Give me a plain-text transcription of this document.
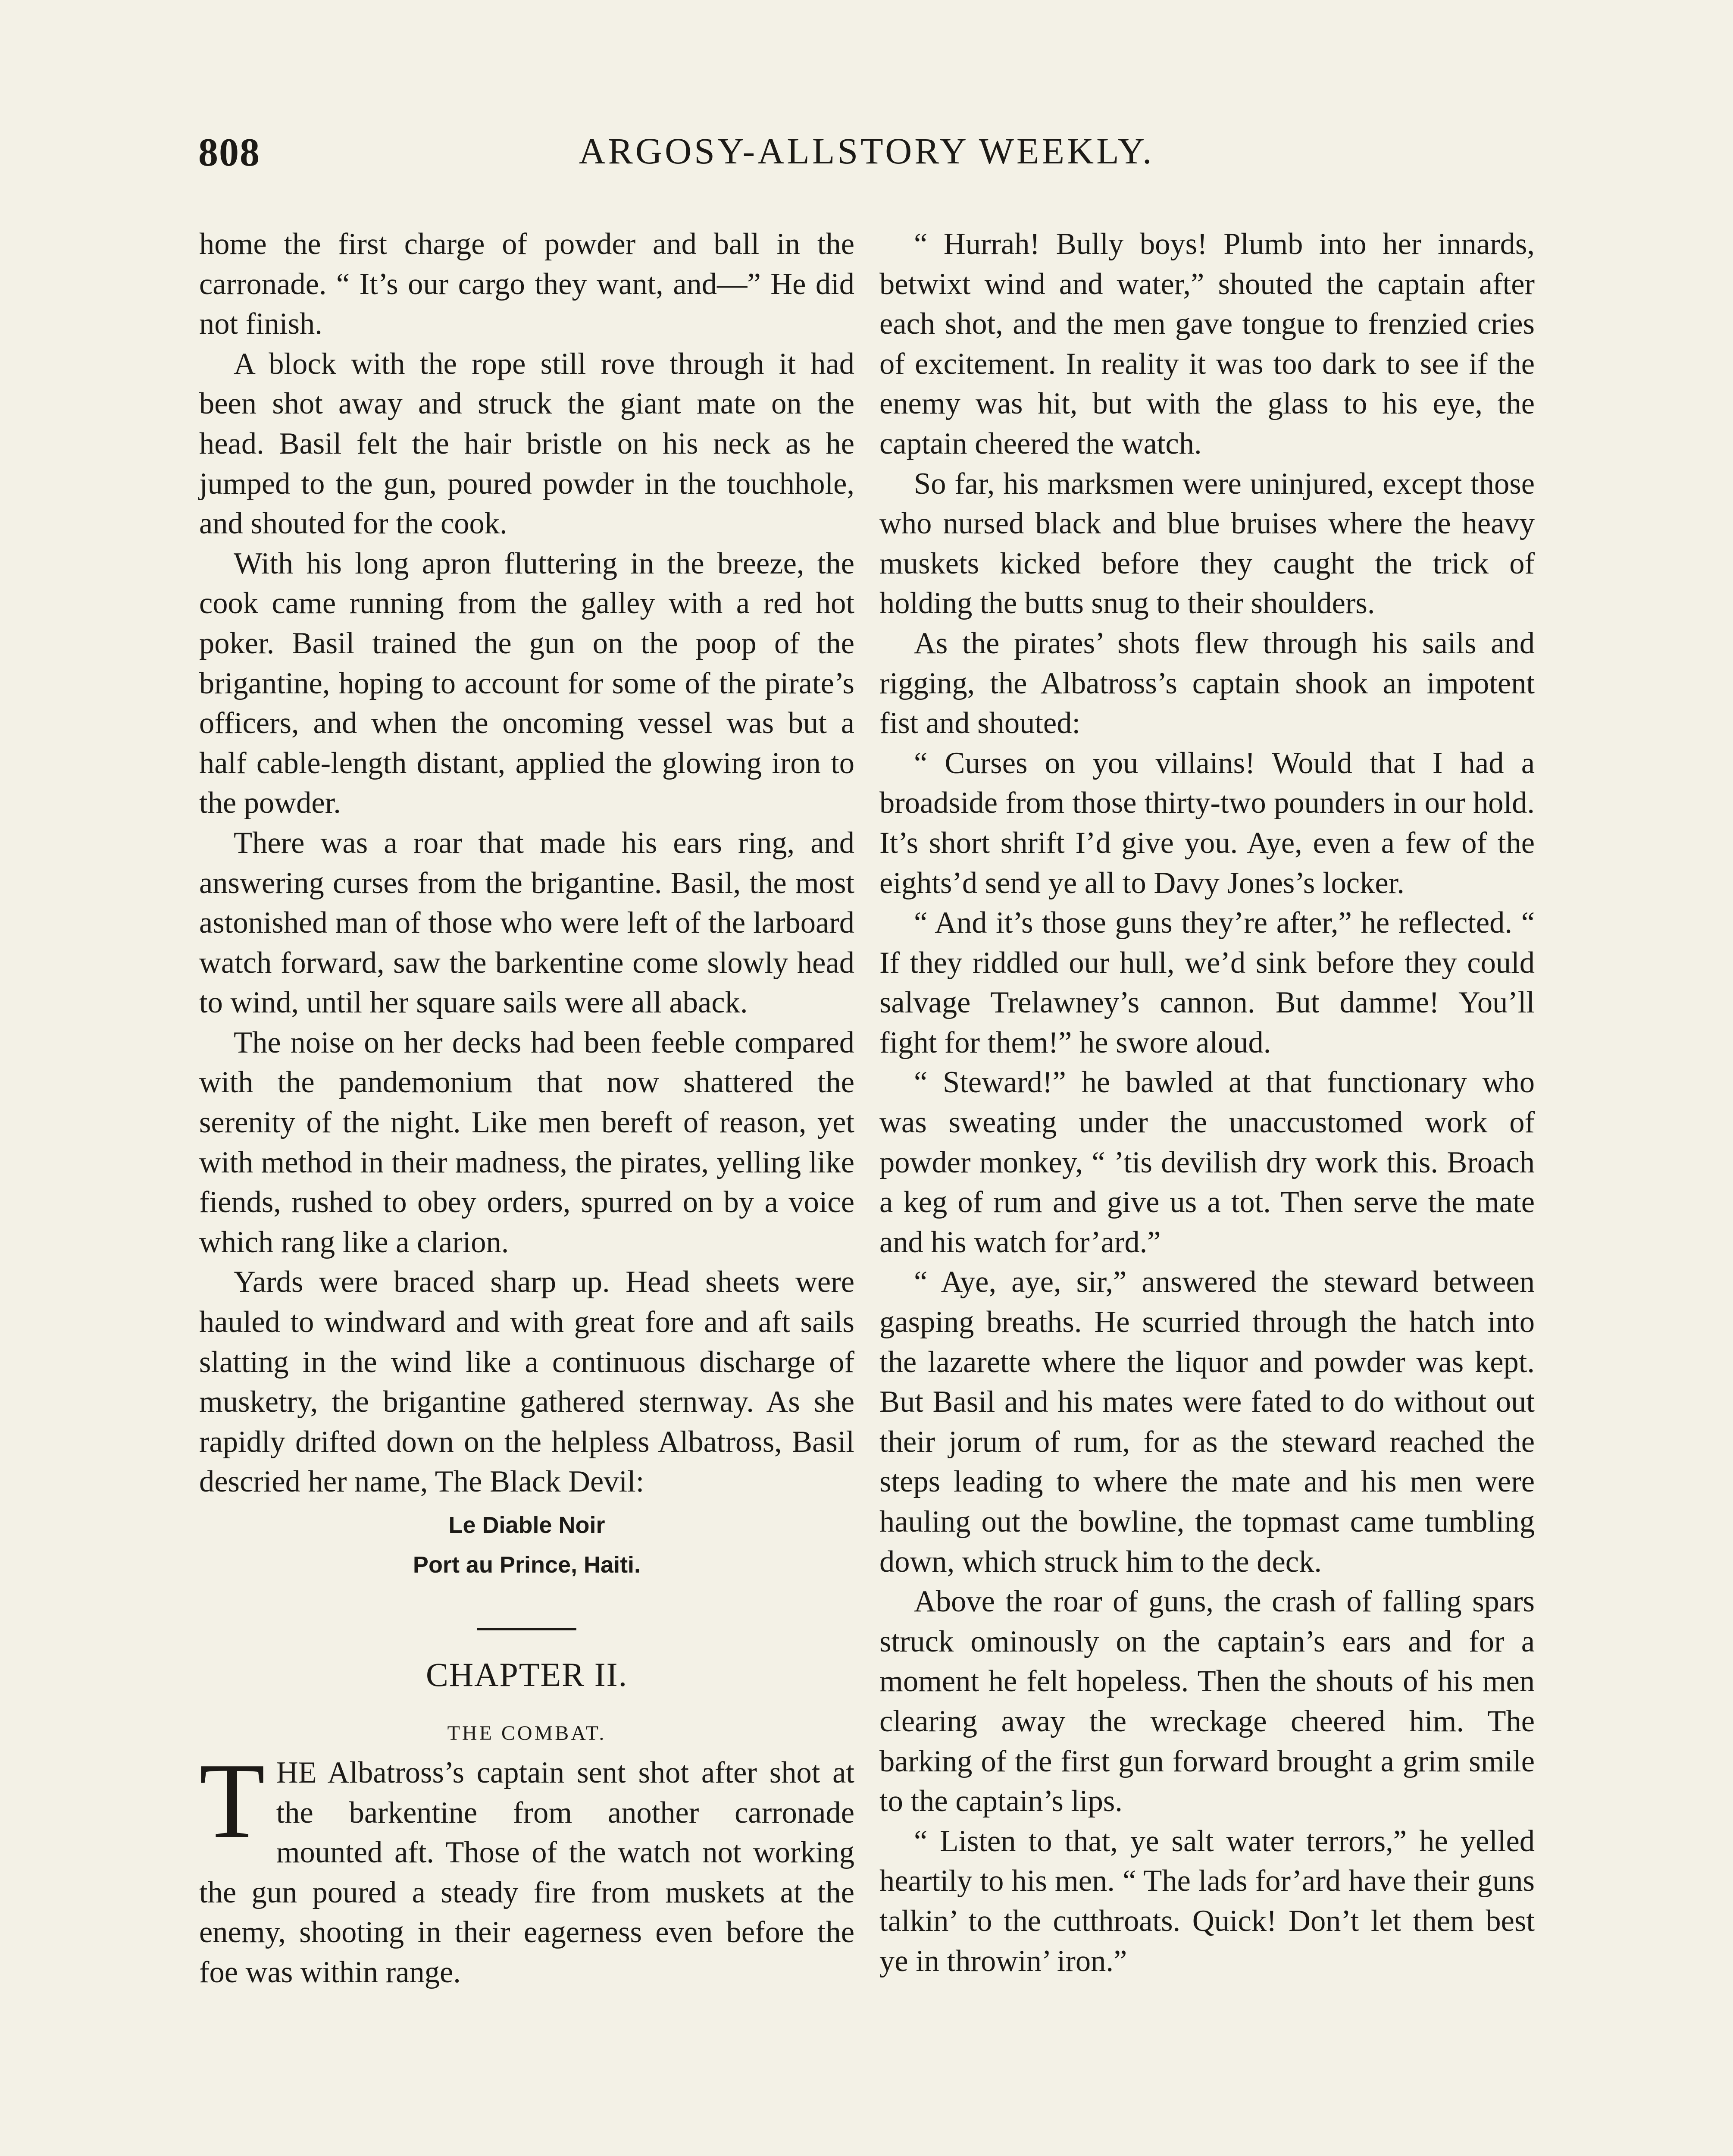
808	ARGOSY-ALLSTORY WEEKLY.

home the first charge of powder and ball in the carronade. “ It’s our cargo they want, and—” He did not finish.

A block with the rope still rove through it had been shot away and struck the giant mate on the head. Basil felt the hair bristle on his neck as he jumped to the gun, poured powder in the touchhole, and shouted for the cook.

With his long apron fluttering in the breeze, the cook came running from the galley with a red hot poker. Basil trained the gun on the poop of the brigantine, hoping to account for some of the pirate’s officers, and when the oncoming vessel was but a half cable-length distant, applied the glowing iron to the powder.

There was a roar that made his ears ring, and answering curses from the brigantine. Basil, the most astonished man of those who were left of the larboard watch forward, saw the barkentine come slowly head to wind, until her square sails were all aback.

The noise on her decks had been feeble compared with the pandemonium that now shattered the serenity of the night. Like men bereft of reason, yet with method in their madness, the pirates, yelling like fiends, rushed to obey orders, spurred on by a voice which rang like a clarion.

Yards were braced sharp up. Head sheets were hauled to windward and with great fore and aft sails slatting in the wind like a continuous discharge of musketry, the brigantine gathered sternway. As she rapidly drifted down on the helpless Albatross, Basil descried her name, The Black Devil:

Le Diable Noir
Port au Prince, Haiti.
CHAPTER II.
THE COMBAT.

THE Albatross’s captain sent shot after shot at the barkentine from another carronade mounted aft. Those of the watch not working the gun poured a steady fire from muskets at the enemy, shooting in their eagerness even before the foe was within range.

“ Hurrah! Bully boys! Plumb into her innards, betwixt wind and water,” shouted the captain after each shot, and the men gave tongue to frenzied cries of excitement. In reality it was too dark to see if the enemy was hit, but with the glass to his eye, the captain cheered the watch.

So far, his marksmen were uninjured, except those who nursed black and blue bruises where the heavy muskets kicked before they caught the trick of holding the butts snug to their shoulders.

As the pirates’ shots flew through his sails and rigging, the Albatross’s captain shook an impotent fist and shouted:

“ Curses on you villains! Would that I had a broadside from those thirty-two pounders in our hold. It’s short shrift I’d give you. Aye, even a few of the eights’d send ye all to Davy Jones’s locker.

“ And it’s those guns they’re after,” he reflected. “ If they riddled our hull, we’d sink before they could salvage Trelawney’s cannon. But damme! You’ll fight for them!” he swore aloud.

“ Steward!” he bawled at that functionary who was sweating under the unaccustomed work of powder monkey, “ ’tis devilish dry work this. Broach a keg of rum and give us a tot. Then serve the mate and his watch for’ard.”

“ Aye, aye, sir,” answered the steward between gasping breaths. He scurried through the hatch into the lazarette where the liquor and powder was kept. But Basil and his mates were fated to do without out their jorum of rum, for as the steward reached the steps leading to where the mate and his men were hauling out the bowline, the topmast came tumbling down, which struck him to the deck.

Above the roar of guns, the crash of falling spars struck ominously on the captain’s ears and for a moment he felt hopeless. Then the shouts of his men clearing away the wreckage cheered him. The barking of the first gun forward brought a grim smile to the captain’s lips.

“ Listen to that, ye salt water terrors,” he yelled heartily to his men. “ The lads for’ard have their guns talkin’ to the cutthroats. Quick! Don’t let them best ye in throwin’ iron.”
